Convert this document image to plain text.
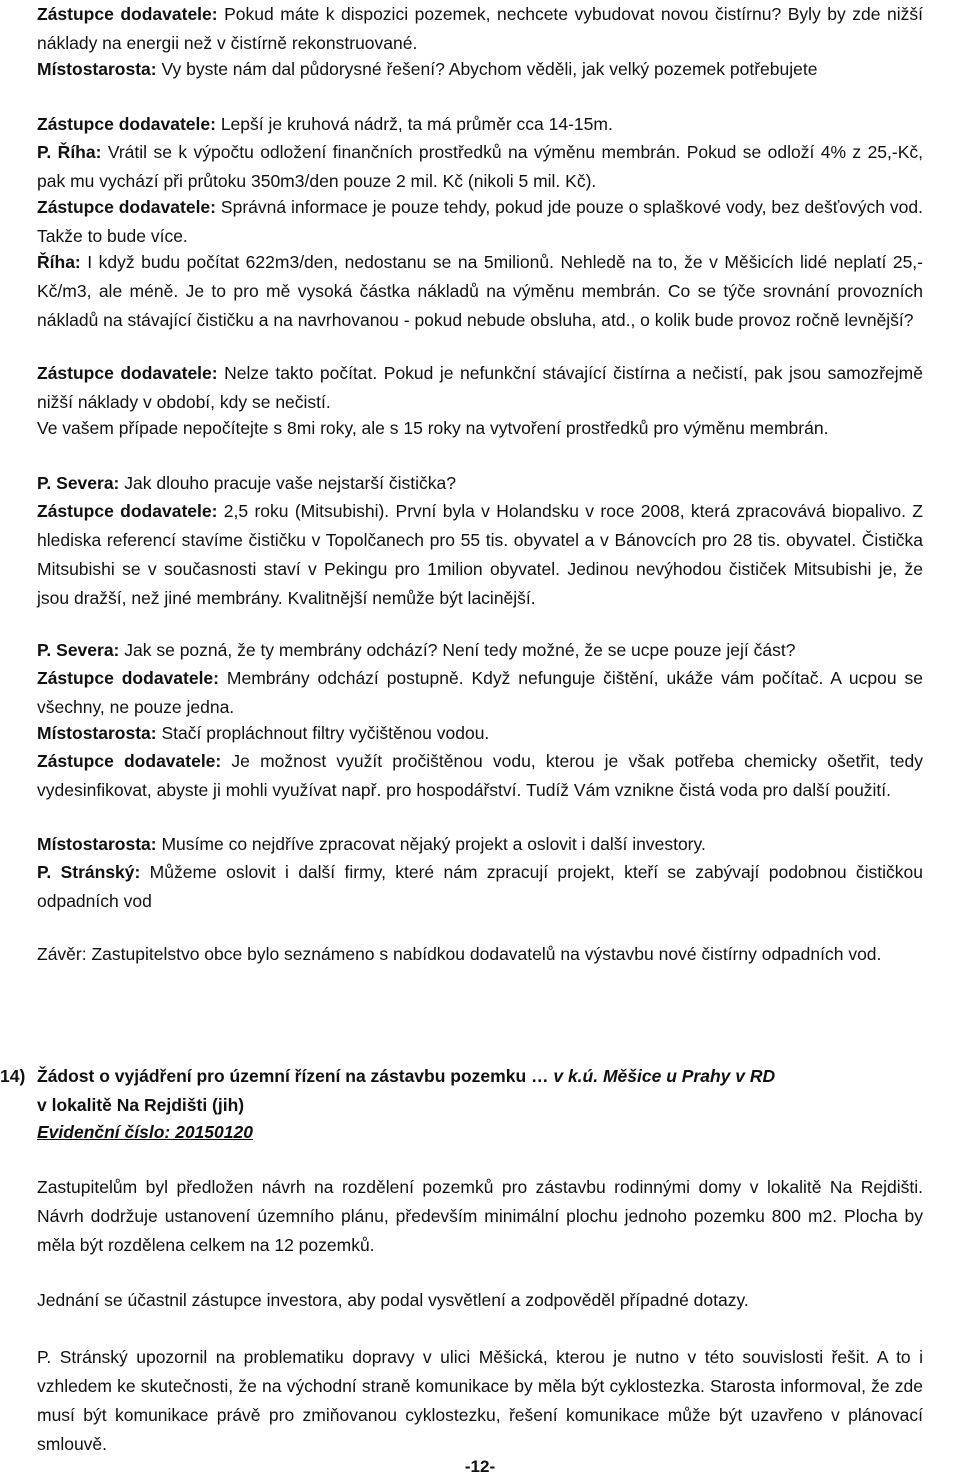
Zástupce dodavatele: Pokud máte k dispozici pozemek, nechcete vybudovat novou čistírnu? Byly by zde nižší náklady na energii než v čistírně rekonstruované.
Místostarosta: Vy byste nám dal půdorysné řešení? Abychom věděli, jak velký pozemek potřebujete
Zástupce dodavatele: Lepší je kruhová nádrž, ta má průměr cca 14-15m.
P. Říha: Vrátil se k výpočtu odložení finančních prostředků na výměnu membrán. Pokud se odloží 4% z 25,-Kč, pak mu vychází při průtoku 350m3/den pouze 2 mil. Kč (nikoli 5 mil. Kč).
Zástupce dodavatele: Správná informace je pouze tehdy, pokud jde pouze o splaškové vody, bez dešťových vod. Takže to bude více.
Říha: I když budu počítat 622m3/den, nedostanu se na 5milionů. Nehledě na to, že v Měšicích lidé neplatí 25,-Kč/m3, ale méně. Je to pro mě vysoká částka nákladů na výměnu membrán. Co se týče srovnání provozních nákladů na stávající čističku a na navrhovanou - pokud nebude obsluha, atd., o kolik bude provoz ročně levnější?
Zástupce dodavatele: Nelze takto počítat. Pokud je nefunkční stávající čistírna a nečistí, pak jsou samozřejmě nižší náklady v období, kdy se nečistí.
Ve vašem případe nepočítejte s 8mi roky, ale s 15 roky na vytvoření prostředků pro výměnu membrán.
P. Severa: Jak dlouho pracuje vaše nejstarší čistička?
Zástupce dodavatele: 2,5 roku (Mitsubishi). První byla v Holandsku v roce 2008, která zpracovává biopalivo. Z hlediska referencí stavíme čističku v Topolčanech pro 55 tis. obyvatel a v Bánovcích pro 28 tis. obyvatel. Čistička Mitsubishi se v současnosti staví v Pekingu pro 1milion obyvatel. Jedinou nevýhodou čističek Mitsubishi je, že jsou dražší, než jiné membrány. Kvalitnější nemůže být lacinější.
P. Severa: Jak se pozná, že ty membrány odchází? Není tedy možné, že se ucpe pouze její část?
Zástupce dodavatele: Membrány odchází postupně. Když nefunguje čištění, ukáže vám počítač. A ucpou se všechny, ne pouze jedna.
Místostarosta: Stačí propláchnout filtry vyčištěnou vodou.
Zástupce dodavatele: Je možnost využít pročištěnou vodu, kterou je však potřeba chemicky ošetřit, tedy vydesinfikovat, abyste ji mohli využívat např. pro hospodářství. Tudíž Vám vznikne čistá voda pro další použití.
Místostarosta: Musíme co nejdříve zpracovat nějaký projekt a oslovit i další investory.
P. Stránský: Můžeme oslovit i další firmy, které nám zpracují projekt, kteří se zabývají podobnou čističkou odpadních vod
Závěr: Zastupitelstvo obce bylo seznámeno s nabídkou dodavatelů na výstavbu nové čistírny odpadních vod.
14) Žádost o vyjádření pro územní řízení na zástavbu pozemku … v k.ú. Měšice u Prahy v RD
v lokalitě Na Rejdišti (jih)
Evidenční číslo: 20150120
Zastupitelům byl předložen návrh na rozdělení pozemků pro zástavbu rodinnými domy v lokalitě Na Rejdišti. Návrh dodržuje ustanovení územního plánu, především minimální plochu jednoho pozemku 800 m2. Plocha by měla být rozdělena celkem na 12 pozemků.
Jednání se účastnil zástupce investora, aby podal vysvětlení a zodpověděl případné dotazy.
P. Stránský upozornil na problematiku dopravy v ulici Měšická, kterou je nutno v této souvislosti řešit. A to i vzhledem ke skutečnosti, že na východní straně komunikace by měla být cyklostezka. Starosta informoval, že zde musí být komunikace právě pro zmiňovanou cyklostezku, řešení komunikace může být uzavřeno v plánovací smlouvě.
-12-
